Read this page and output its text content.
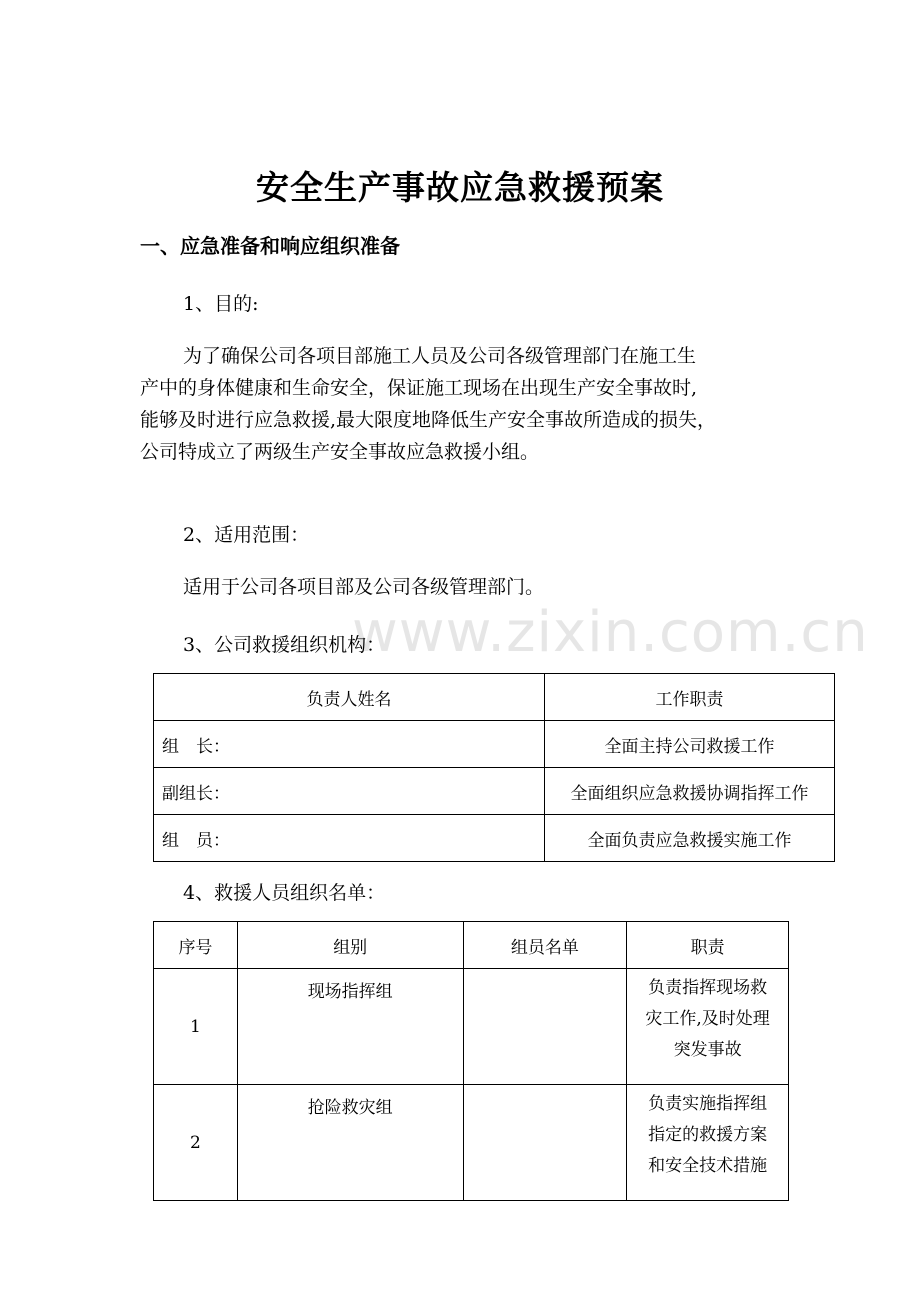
www.zixin.com.cn
安全生产事故应急救援预案
一、应急准备和响应组织准备
1、目的:
为了确保公司各项目部施工人员及公司各级管理部门在施工生
产中的身体健康和生命安全，保证施工现场在出现生产安全事故时,
能够及时进行应急救援,最大限度地降低生产安全事故所造成的损失，
公司特成立了两级生产安全事故应急救援小组。
2、适用范围：
适用于公司各项目部及公司各级管理部门。
3、公司救援组织机构：
负责人姓名	工作职责
组　长：	全面主持公司救援工作
副组长：	全面组织应急救援协调指挥工作
组　员：	全面负责应急救援实施工作
4、救援人员组织名单：
序号	组别	组员名单	职责
1	现场指挥组		负责指挥现场救
灾工作,及时处理
突发事故

2	抢险救灾组		负责实施指挥组
指定的救援方案
和安全技术措施
